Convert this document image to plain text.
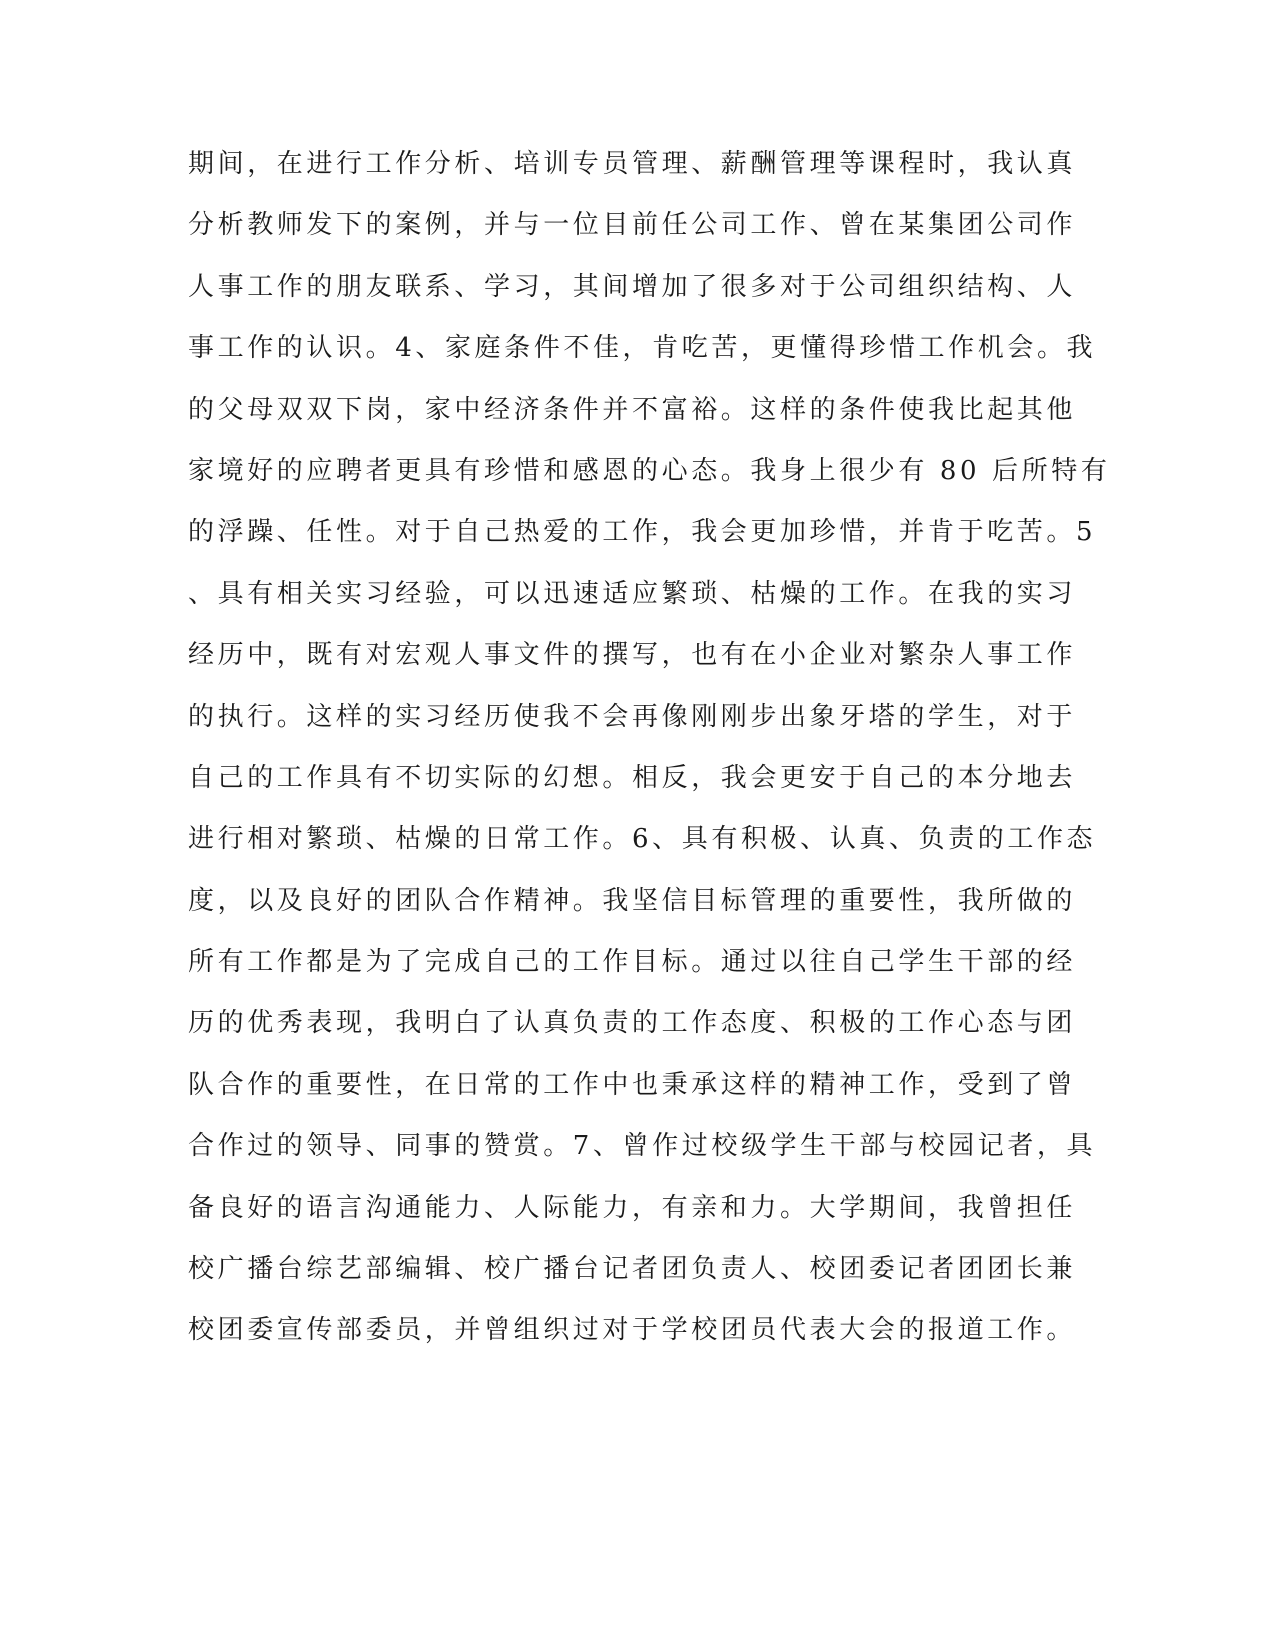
期间，在进行工作分析、培训专员管理、薪酬管理等课程时，我认真
分析教师发下的案例，并与一位目前任公司工作、曾在某集团公司作
人事工作的朋友联系、学习，其间增加了很多对于公司组织结构、人
事工作的认识。4、家庭条件不佳，肯吃苦，更懂得珍惜工作机会。我
的父母双双下岗，家中经济条件并不富裕。这样的条件使我比起其他
家境好的应聘者更具有珍惜和感恩的心态。我身上很少有 80 后所特有
的浮躁、任性。对于自己热爱的工作，我会更加珍惜，并肯于吃苦。5
、具有相关实习经验，可以迅速适应繁琐、枯燥的工作。在我的实习
经历中，既有对宏观人事文件的撰写，也有在小企业对繁杂人事工作
的执行。这样的实习经历使我不会再像刚刚步出象牙塔的学生，对于
自己的工作具有不切实际的幻想。相反，我会更安于自己的本分地去
进行相对繁琐、枯燥的日常工作。6、具有积极、认真、负责的工作态
度，以及良好的团队合作精神。我坚信目标管理的重要性，我所做的
所有工作都是为了完成自己的工作目标。通过以往自己学生干部的经
历的优秀表现，我明白了认真负责的工作态度、积极的工作心态与团
队合作的重要性，在日常的工作中也秉承这样的精神工作，受到了曾
合作过的领导、同事的赞赏。7、曾作过校级学生干部与校园记者，具
备良好的语言沟通能力、人际能力，有亲和力。大学期间，我曾担任
校广播台综艺部编辑、校广播台记者团负责人、校团委记者团团长兼
校团委宣传部委员，并曾组织过对于学校团员代表大会的报道工作。
